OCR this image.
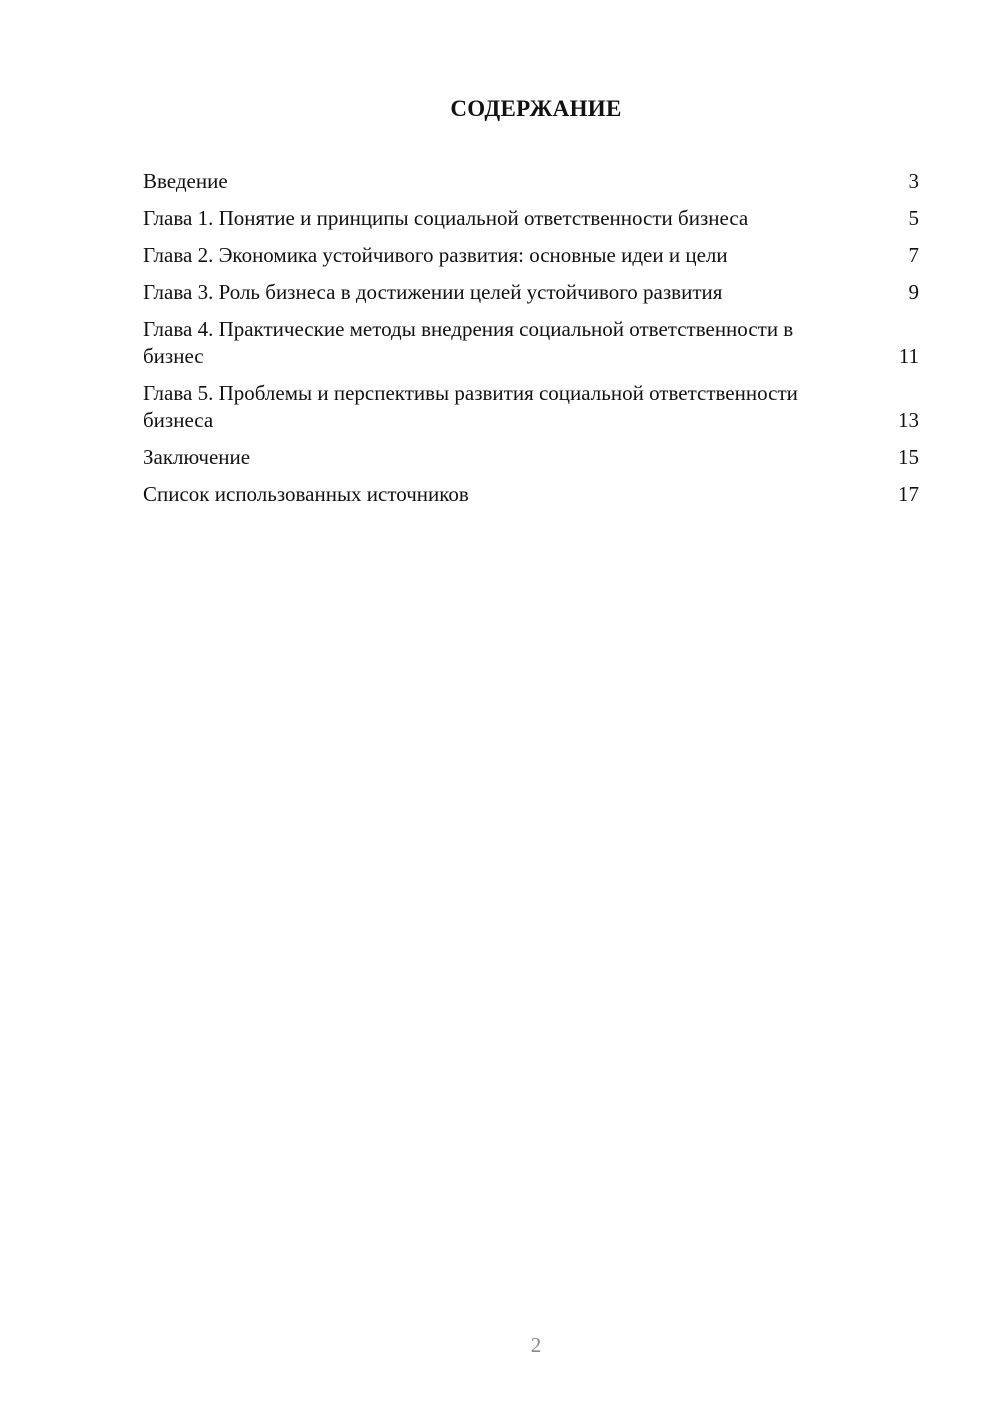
СОДЕРЖАНИЕ
Введение	3
Глава 1. Понятие и принципы социальной ответственности бизнеса	5
Глава 2. Экономика устойчивого развития: основные идеи и цели	7
Глава 3. Роль бизнеса в достижении целей устойчивого развития	9
Глава 4. Практические методы внедрения социальной ответственности в бизнес	11
Глава 5. Проблемы и перспективы развития социальной ответственности бизнеса	13
Заключение	15
Список использованных источников	17
2
